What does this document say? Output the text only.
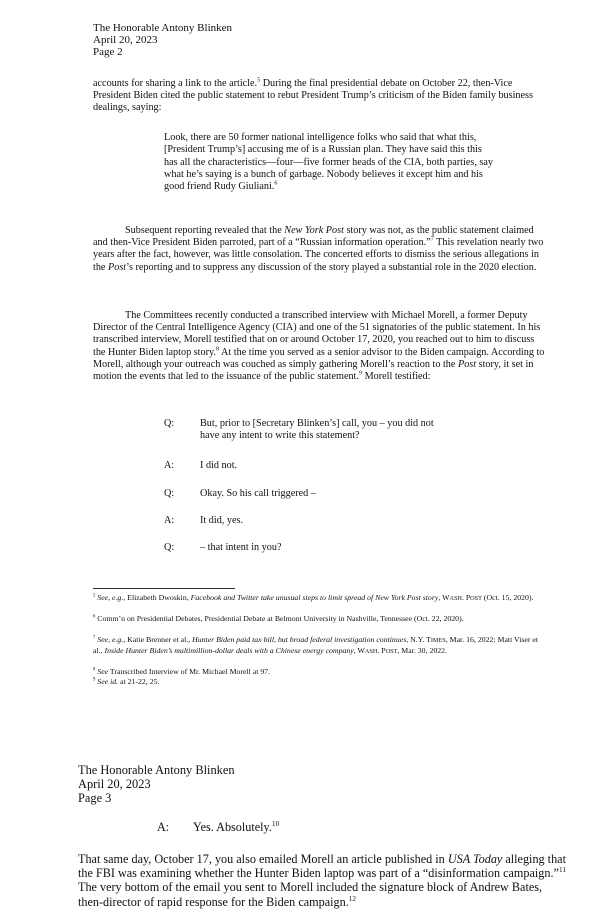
The Honorable Antony Blinken
April 20, 2023
Page 2

accounts for sharing a link to the article.$^5$ During the final presidential debate on October 22, then-Vice President Biden cited the public statement to rebut President Trump’s criticism of the Biden family business dealings, saying:

Look, there are 50 former national intelligence folks who said that what this, [President Trump’s] accusing me of is a Russian plan. They have said this this has all the characteristics—four—five former heads of the CIA, both parties, say what he’s saying is a bunch of garbage. Nobody believes it except him and his good friend Rudy Giuliani.$^6$

Subsequent reporting revealed that the New York Post story was not, as the public statement claimed and then-Vice President Biden parroted, part of a “Russian information operation.”$^7$ This revelation nearly two years after the fact, however, was little consolation. The concerted efforts to dismiss the serious allegations in the Post’s reporting and to suppress any discussion of the story played a substantial role in the 2020 election.

The Committees recently conducted a transcribed interview with Michael Morell, a former Deputy Director of the Central Intelligence Agency (CIA) and one of the 51 signatories of the public statement. In his transcribed interview, Morell testified that on or around October 17, 2020, you reached out to him to discuss the Hunter Biden laptop story.$^8$ At the time you served as a senior advisor to the Biden campaign. According to Morell, although your outreach was couched as simply gathering Morell’s reaction to the Post story, it set in motion the events that led to the issuance of the public statement.$^9$ Morell testified:

Q:	But, prior to [Secretary Blinken’s] call, you – you did not have any intent to write this statement?
A:	I did not.
Q:	Okay. So his call triggered –
A:	It did, yes.
Q:	– that intent in you?

$^5$ See, e.g., Elizabeth Dwoskin, Facebook and Twitter take unusual steps to limit spread of New York Post story, WASH. POST (Oct. 15, 2020).

$^6$ Comm’n on Presidential Debates, Presidential Debate at Belmont University in Nashville, Tennessee (Oct. 22, 2020).

$^7$ See, e.g., Katie Brenner et al., Hunter Biden paid tax bill, but broad federal investigation continues, N.Y. TIMES, Mar. 16, 2022; Matt Viser et al., Inside Hunter Biden’s multimillion-dollar deals with a Chinese energy company, WASH. POST, Mar. 30, 2022.

$^8$ See Transcribed Interview of Mr. Michael Morell at 97.

$^9$ See id. at 21-22, 25.

The Honorable Antony Blinken
April 20, 2023
Page 3
A: Yes. Absolutely.$^{10}$

That same day, October 17, you also emailed Morell an article published in USA Today alleging that the FBI was examining whether the Hunter Biden laptop was part of a “disinformation campaign.”$^{11}$ The very bottom of the email you sent to Morell included the signature block of Andrew Bates, then-director of rapid response for the Biden campaign.$^{12}$
